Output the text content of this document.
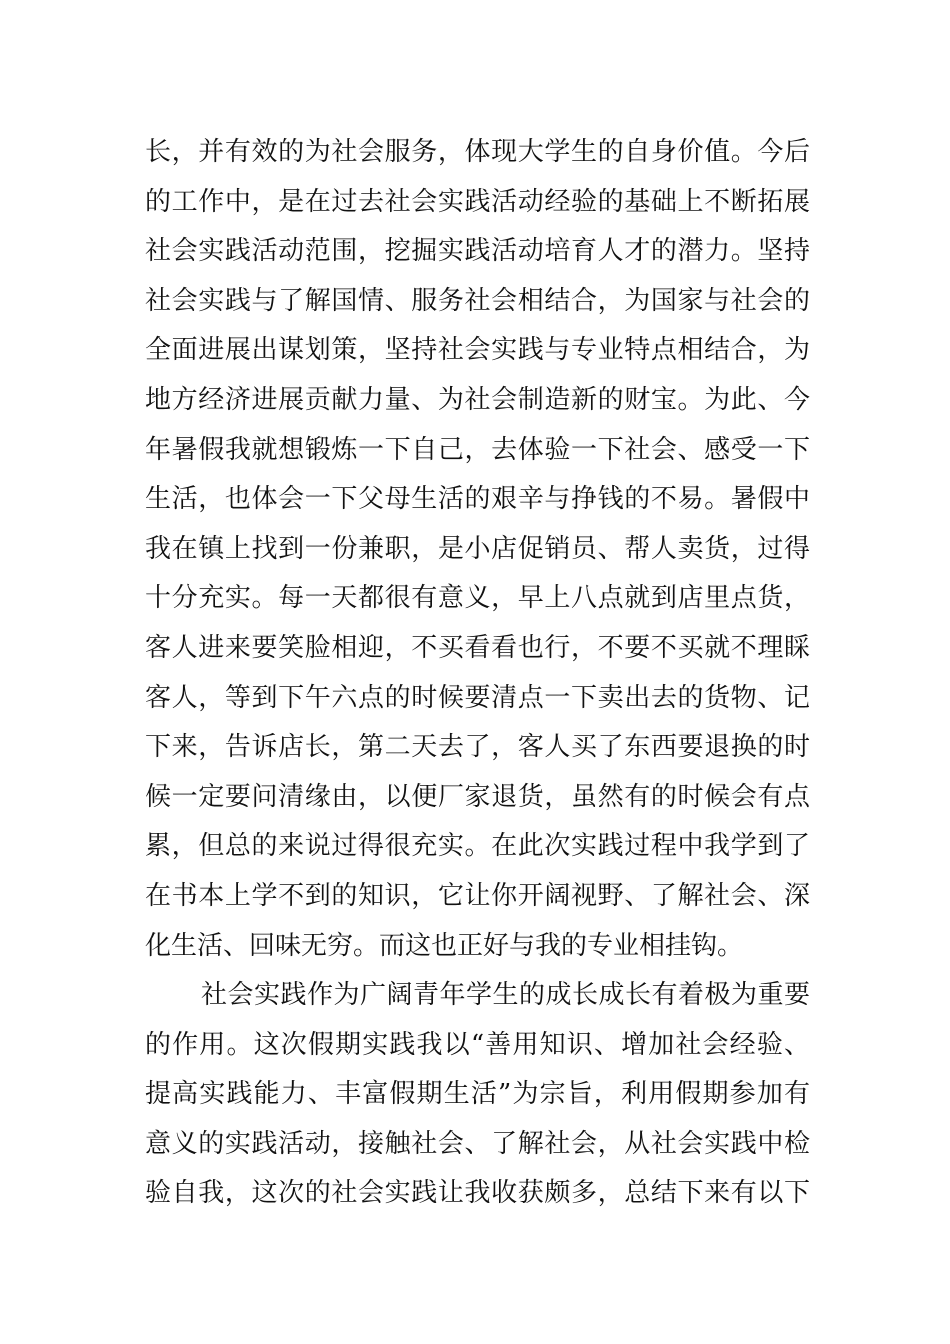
长，并有效的为社会服务，体现大学生的自身价值。今后
的工作中，是在过去社会实践活动经验的基础上不断拓展
社会实践活动范围，挖掘实践活动培育人才的潜力。坚持
社会实践与了解国情、服务社会相结合，为国家与社会的
全面进展出谋划策，坚持社会实践与专业特点相结合，为
地方经济进展贡献力量、为社会制造新的财宝。为此、今
年暑假我就想锻炼一下自己，去体验一下社会、感受一下
生活，也体会一下父母生活的艰辛与挣钱的不易。暑假中
我在镇上找到一份兼职，是小店促销员、帮人卖货，过得
十分充实。每一天都很有意义，早上八点就到店里点货，
客人进来要笑脸相迎，不买看看也行，不要不买就不理睬
客人，等到下午六点的时候要清点一下卖出去的货物、记
下来，告诉店长，第二天去了，客人买了东西要退换的时
候一定要问清缘由，以便厂家退货，虽然有的时候会有点
累，但总的来说过得很充实。在此次实践过程中我学到了
在书本上学不到的知识，它让你开阔视野、了解社会、深
化生活、回味无穷。而这也正好与我的专业相挂钩。
社会实践作为广阔青年学生的成长成长有着极为重要
的作用。这次假期实践我以“善用知识、增加社会经验、
提高实践能力、丰富假期生活”为宗旨，利用假期参加有
意义的实践活动，接触社会、了解社会，从社会实践中检
验自我，这次的社会实践让我收获颇多，总结下来有以下
